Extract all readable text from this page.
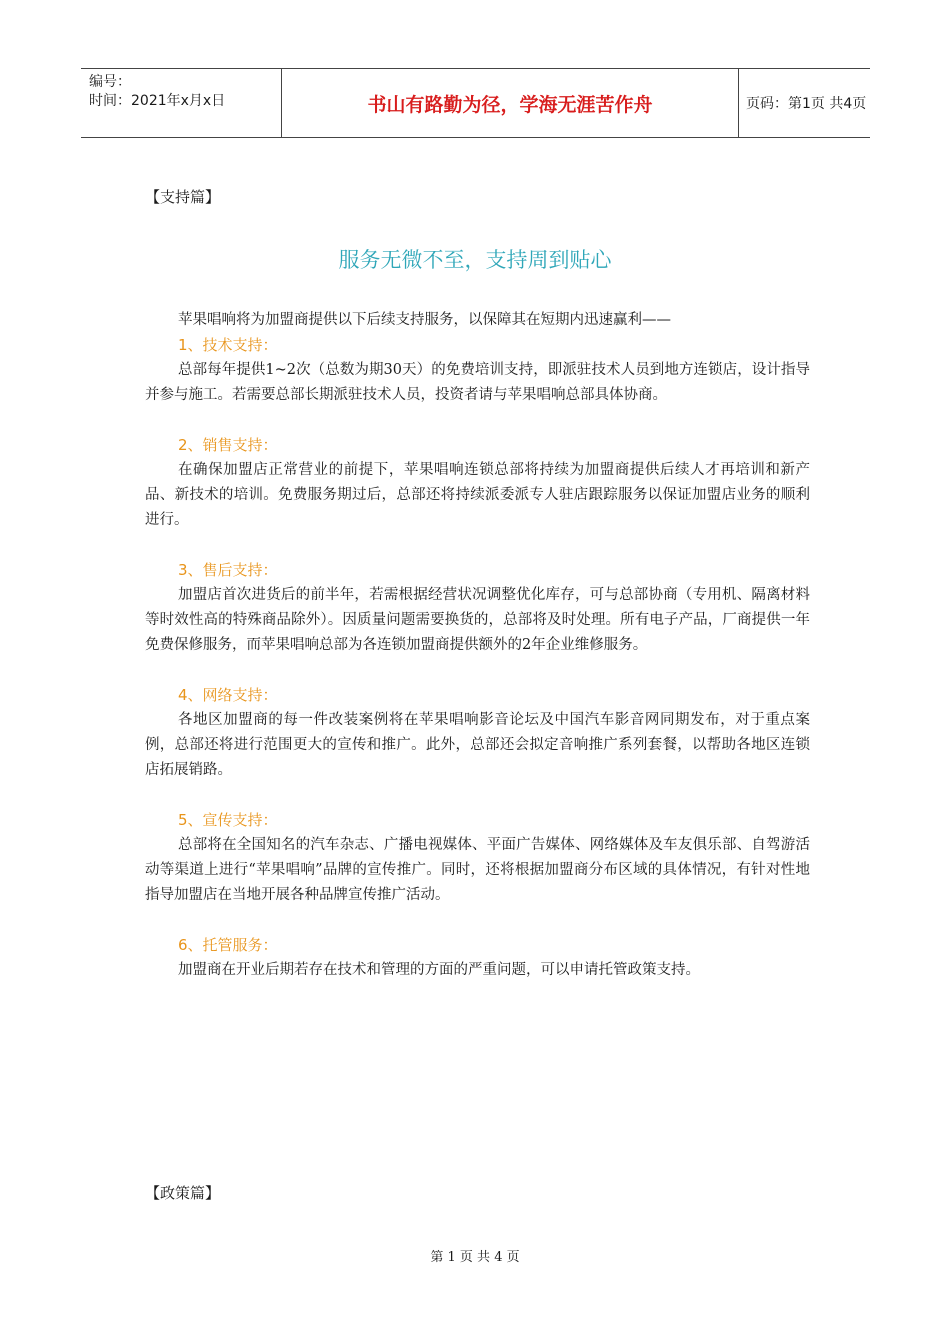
编号：
时间：2021年x月x日	书山有路勤为径，学海无涯苦作舟	页码：第1页 共4页
【支持篇】
服务无微不至，支持周到贴心

苹果唱响将为加盟商提供以下后续支持服务，以保障其在短期内迅速赢利——

1、技术支持：

总部每年提供1~2次（总数为期30天）的免费培训支持，即派驻技术人员到地方连锁店，设计指导并参与施工。若需要总部长期派驻技术人员，投资者请与苹果唱响总部具体协商。

2、销售支持：

在确保加盟店正常营业的前提下，苹果唱响连锁总部将持续为加盟商提供后续人才再培训和新产品、新技术的培训。免费服务期过后，总部还将持续派委派专人驻店跟踪服务以保证加盟店业务的顺利进行。

3、售后支持：

加盟店首次进货后的前半年，若需根据经营状况调整优化库存，可与总部协商（专用机、隔离材料等时效性高的特殊商品除外）。因质量问题需要换货的，总部将及时处理。所有电子产品，厂商提供一年免费保修服务，而苹果唱响总部为各连锁加盟商提供额外的2年企业维修服务。

4、网络支持：

各地区加盟商的每一件改装案例将在苹果唱响影音论坛及中国汽车影音网同期发布，对于重点案例，总部还将进行范围更大的宣传和推广。此外，总部还会拟定音响推广系列套餐，以帮助各地区连锁店拓展销路。

5、宣传支持：

总部将在全国知名的汽车杂志、广播电视媒体、平面广告媒体、网络媒体及车友俱乐部、自驾游活动等渠道上进行“苹果唱响”品牌的宣传推广。同时，还将根据加盟商分布区域的具体情况，有针对性地指导加盟店在当地开展各种品牌宣传推广活动。

6、托管服务：

加盟商在开业后期若存在技术和管理的方面的严重问题，可以申请托管政策支持。

【政策篇】
第 1 页 共 4 页
